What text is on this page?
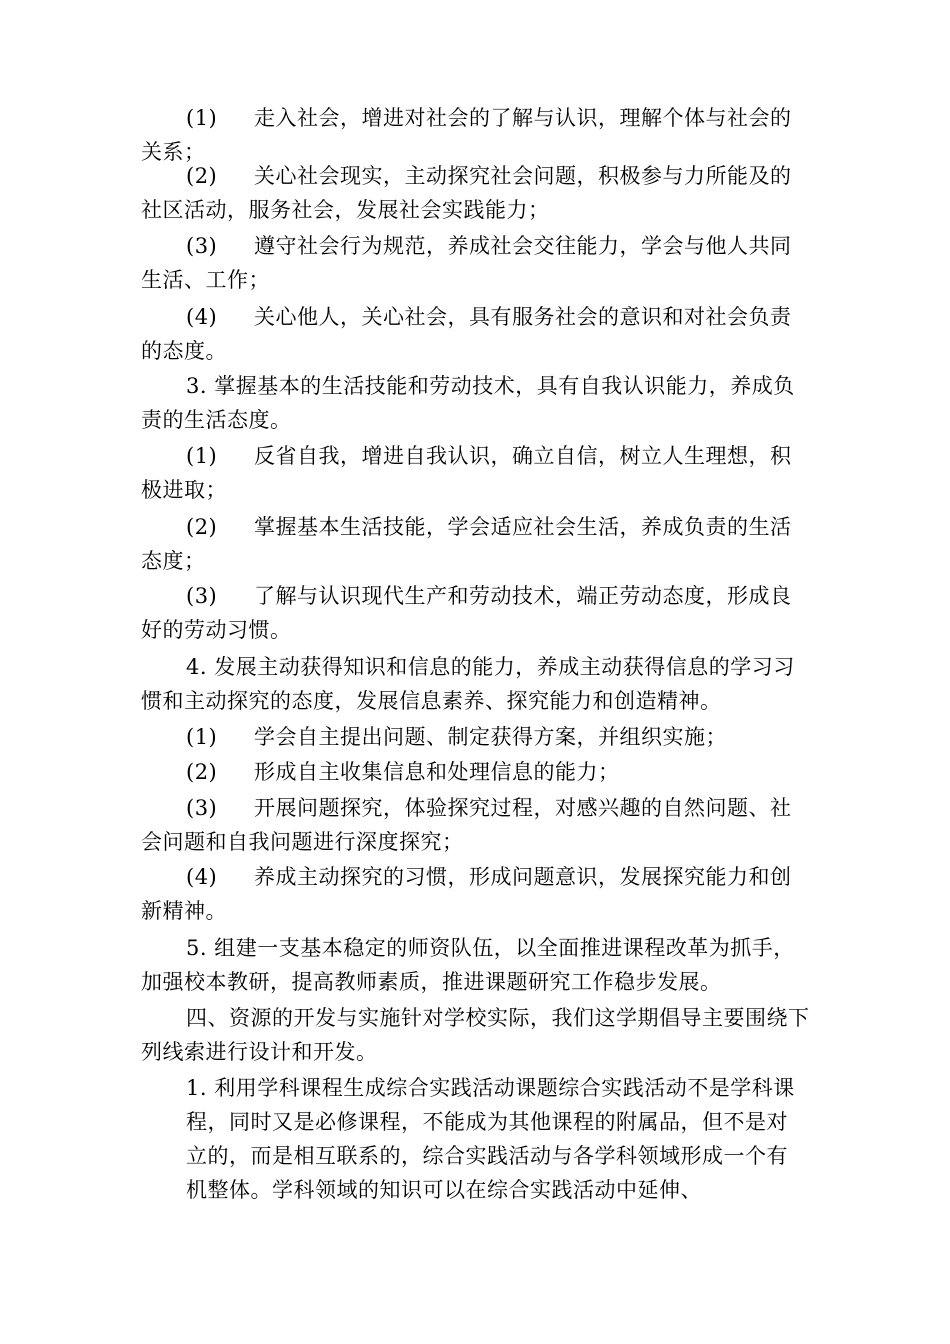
(1) 走入社会，增进对社会的了解与认识，理解个体与社会的关系；

(2) 关心社会现实，主动探究社会问题，积极参与力所能及的社区活动，服务社会，发展社会实践能力；

(3) 遵守社会行为规范，养成社会交往能力，学会与他人共同生活、工作；

(4) 关心他人，关心社会，具有服务社会的意识和对社会负责的态度。

3. 掌握基本的生活技能和劳动技术，具有自我认识能力，养成负责的生活态度。

(1) 反省自我，增进自我认识，确立自信，树立人生理想，积极进取；

(2) 掌握基本生活技能，学会适应社会生活，养成负责的生活态度；

(3) 了解与认识现代生产和劳动技术，端正劳动态度，形成良好的劳动习惯。

4. 发展主动获得知识和信息的能力，养成主动获得信息的学习习惯和主动探究的态度，发展信息素养、探究能力和创造精神。

(1) 学会自主提出问题、制定获得方案，并组织实施；

(2) 形成自主收集信息和处理信息的能力；

(3) 开展问题探究，体验探究过程，对感兴趣的自然问题、社会问题和自我问题进行深度探究；

(4) 养成主动探究的习惯，形成问题意识，发展探究能力和创新精神。

5. 组建一支基本稳定的师资队伍，以全面推进课程改革为抓手，加强校本教研，提高教师素质，推进课题研究工作稳步发展。

四、资源的开发与实施针对学校实际，我们这学期倡导主要围绕下列线索进行设计和开发。

1. 利用学科课程生成综合实践活动课题综合实践活动不是学科课程，同时又是必修课程，不能成为其他课程的附属品，但不是对立的，而是相互联系的，综合实践活动与各学科领域形成一个有机整体。学科领域的知识可以在综合实践活动中延伸、
